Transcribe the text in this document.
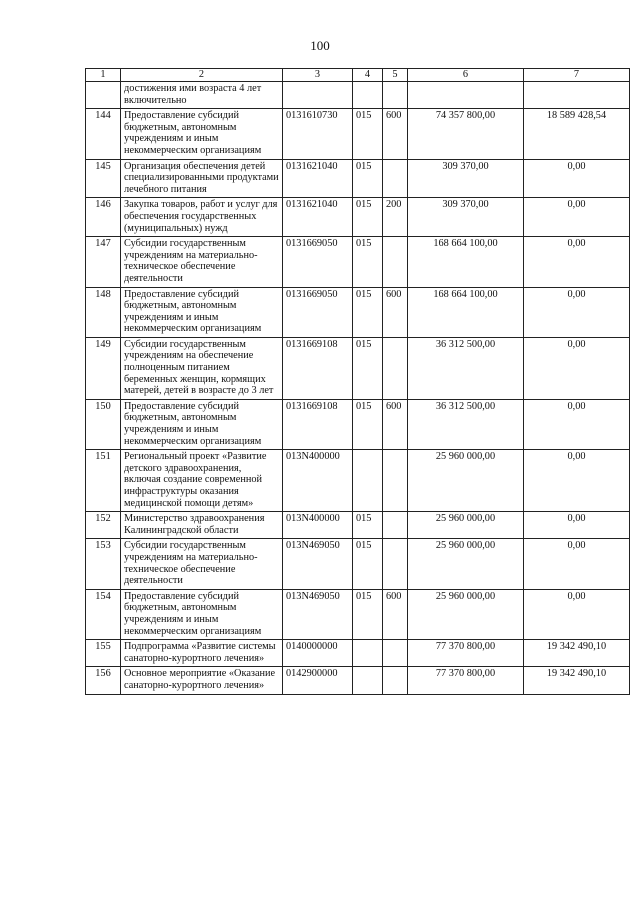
100
1	2	3	4	5	6	7
	достижения ими возраста 4 лет включительно					
144	Предоставление субсидий бюджетным, автономным учреждениям и иным некоммерческим организациям	0131610730	015	600	74 357 800,00	18 589 428,54
145	Организация обеспечения детей специализированными продуктами лечебного питания	0131621040	015		309 370,00	0,00
146	Закупка товаров, работ и услуг для обеспечения государственных (муниципальных) нужд	0131621040	015	200	309 370,00	0,00
147	Субсидии государственным учреждениям на материально-техническое обеспечение деятельности	0131669050	015		168 664 100,00	0,00
148	Предоставление субсидий бюджетным, автономным учреждениям и иным некоммерческим организациям	0131669050	015	600	168 664 100,00	0,00
149	Субсидии государственным учреждениям на обеспечение полноценным питанием беременных женщин, кормящих матерей, детей в возрасте до 3 лет	0131669108	015		36 312 500,00	0,00
150	Предоставление субсидий бюджетным, автономным учреждениям и иным некоммерческим организациям	0131669108	015	600	36 312 500,00	0,00
151	Региональный проект «Развитие детского здравоохранения, включая создание современной инфраструктуры оказания медицинской помощи детям»	013N400000			25 960 000,00	0,00
152	Министерство здравоохранения Калининградской области	013N400000	015		25 960 000,00	0,00
153	Субсидии государственным учреждениям на материально-техническое обеспечение деятельности	013N469050	015		25 960 000,00	0,00
154	Предоставление субсидий бюджетным, автономным учреждениям и иным некоммерческим организациям	013N469050	015	600	25 960 000,00	0,00
155	Подпрограмма «Развитие системы санаторно-курортного лечения»	0140000000			77 370 800,00	19 342 490,10
156	Основное мероприятие «Оказание санаторно-курортного лечения»	0142900000			77 370 800,00	19 342 490,10
